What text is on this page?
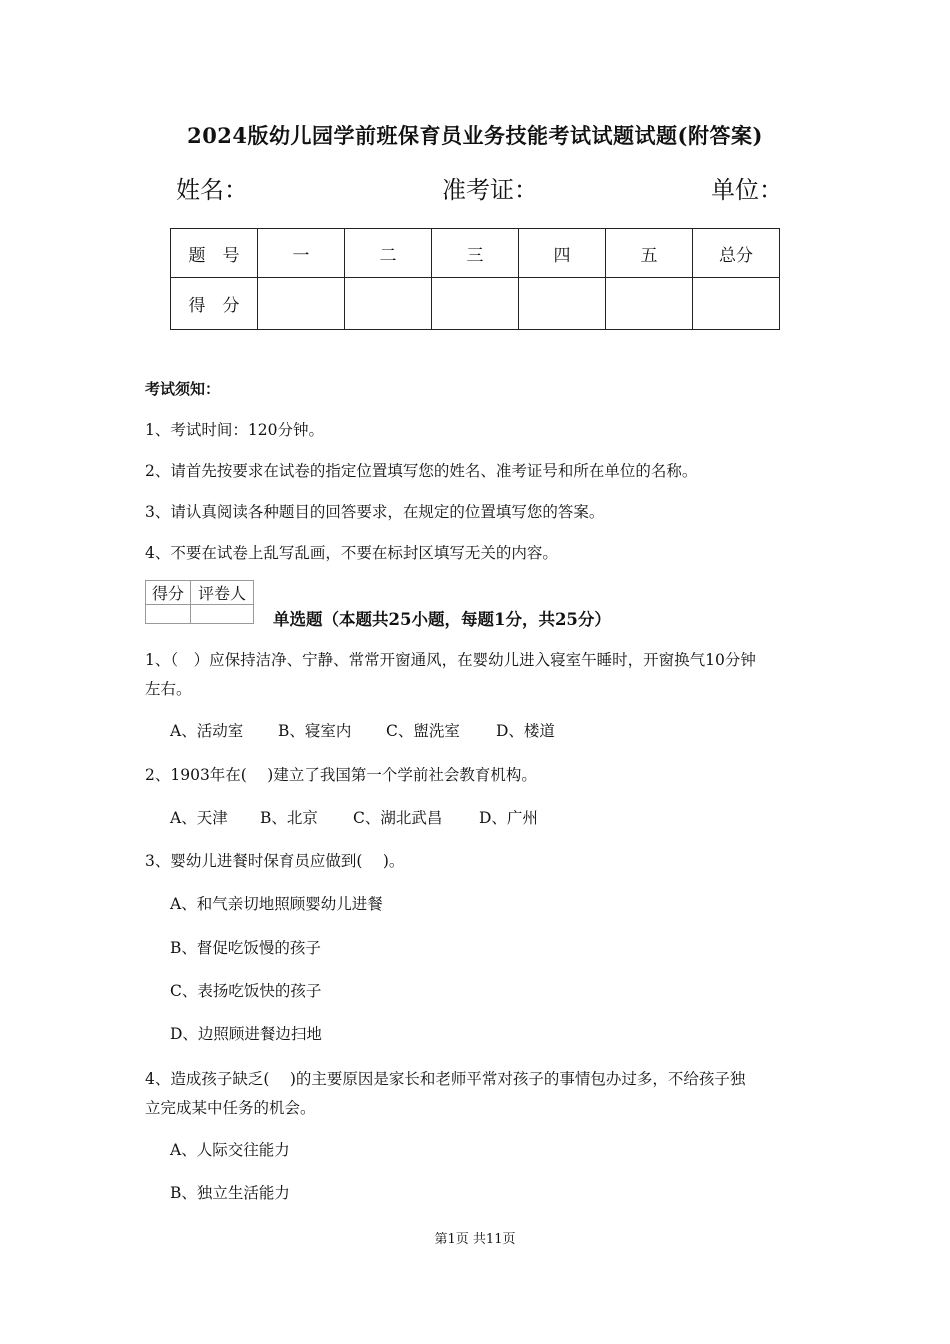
2024版幼儿园学前班保育员业务技能考试试题试题(附答案)
姓名：	准考证：	单位：
题　号	一	二	三	四	五	总分
得　分						
考试须知：
1、考试时间：120分钟。
2、请首先按要求在试卷的指定位置填写您的姓名、准考证号和所在单位的名称。
3、请认真阅读各种题目的回答要求，在规定的位置填写您的答案。
4、不要在试卷上乱写乱画，不要在标封区填写无关的内容。
得分	评卷人

单选题（本题共25小题，每题1分，共25分）
1、（　）应保持洁净、宁静、常常开窗通风，在婴幼儿进入寝室午睡时，开窗换气10分钟
左右。
A、活动室 B、寝室内 C、盥洗室 D、楼道
2、1903年在(　 )建立了我国第一个学前社会教育机构。
A、天津 B、北京 C、湖北武昌 D、广州
3、婴幼儿进餐时保育员应做到(　 )。
A、和气亲切地照顾婴幼儿进餐
B、督促吃饭慢的孩子
C、表扬吃饭快的孩子
D、边照顾进餐边扫地
4、造成孩子缺乏(　 )的主要原因是家长和老师平常对孩子的事情包办过多，不给孩子独
立完成某中任务的机会。
A、人际交往能力
B、独立生活能力
第1页 共11页
